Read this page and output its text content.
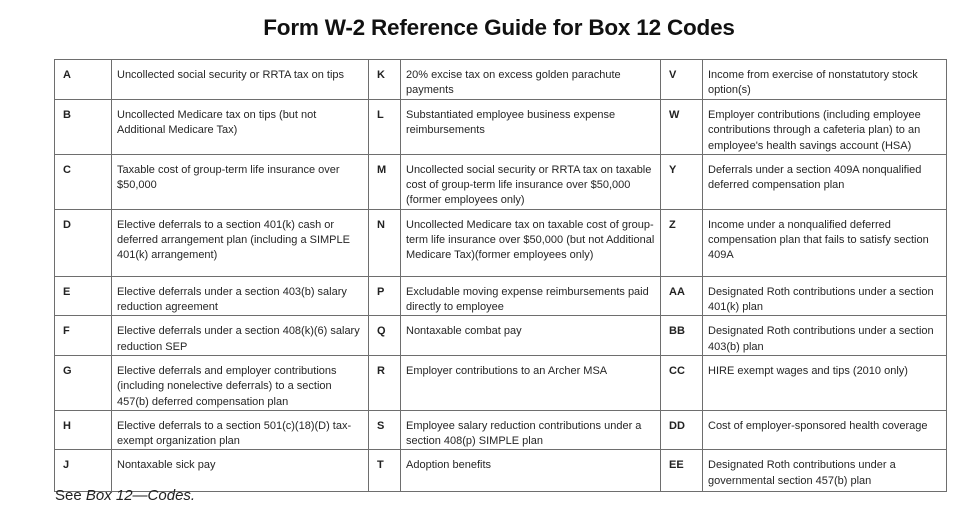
Form W-2 Reference Guide for Box 12 Codes
A	Uncollected social security or RRTA tax on tips	K	20% excise tax on excess golden parachute payments	V	Income from exercise of nonstatutory stock option(s)
B	Uncollected Medicare tax on tips (but not Additional Medicare Tax)	L	Substantiated employee business expense reimbursements	W	Employer contributions (including employee contributions through a cafeteria plan) to an employee's health savings account (HSA)
C	Taxable cost of group-term life insurance over $50,000	M	Uncollected social security or RRTA tax on taxable cost of group-term life insurance over $50,000 (former employees only)	Y	Deferrals under a section 409A nonqualified deferred compensation plan
D	Elective deferrals to a section 401(k) cash or deferred arrangement plan (including a SIMPLE 401(k) arrangement)	N	Uncollected Medicare tax on taxable cost of group-term life insurance over $50,000 (but not Additional Medicare Tax)(former employees only)	Z	Income under a nonqualified deferred compensation plan that fails to satisfy section 409A
E	Elective deferrals under a section 403(b) salary reduction agreement	P	Excludable moving expense reimbursements paid directly to employee	AA	Designated Roth contributions under a section 401(k) plan
F	Elective deferrals under a section 408(k)(6) salary reduction SEP	Q	Nontaxable combat pay	BB	Designated Roth contributions under a section 403(b) plan
G	Elective deferrals and employer contributions (including nonelective deferrals) to a section 457(b) deferred compensation plan	R	Employer contributions to an Archer MSA	CC	HIRE exempt wages and tips (2010 only)
H	Elective deferrals to a section 501(c)(18)(D) tax-exempt organization plan	S	Employee salary reduction contributions under a section 408(p) SIMPLE plan	DD	Cost of employer-sponsored health coverage
J	Nontaxable sick pay	T	Adoption benefits	EE	Designated Roth contributions under a governmental section 457(b) plan
See Box 12—Codes.
